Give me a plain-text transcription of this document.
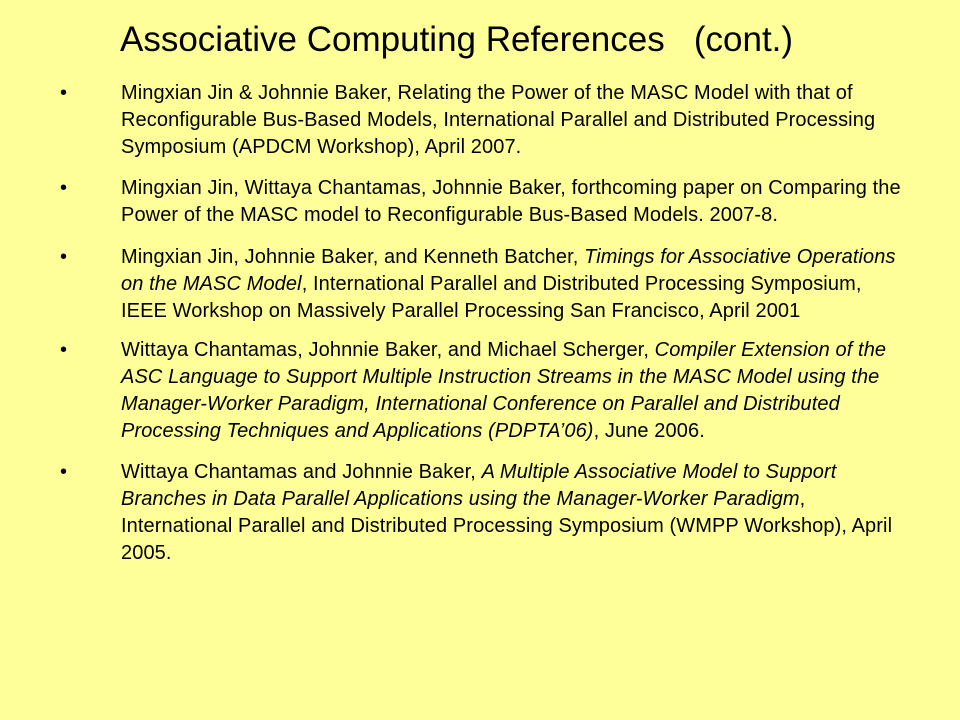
Associative Computing References   (cont.)
•	Mingxian Jin & Johnnie Baker, Relating the Power of the MASC Model with that of Reconfigurable Bus-Based Models, International Parallel and Distributed Processing Symposium (APDCM Workshop), April 2007.
•	Mingxian Jin, Wittaya Chantamas, Johnnie Baker, forthcoming paper on Comparing the Power of the MASC model to Reconfigurable Bus-Based Models. 2007-8.
•	Mingxian Jin, Johnnie Baker, and Kenneth Batcher, Timings for Associative Operations on the MASC Model, International Parallel and Distributed Processing Symposium, IEEE Workshop on Massively Parallel Processing San Francisco, April 2001
•	Wittaya Chantamas, Johnnie Baker, and Michael Scherger, Compiler Extension of the ASC Language to Support Multiple Instruction Streams in the MASC Model using the Manager-Worker Paradigm, International Conference on Parallel and Distributed Processing Techniques and Applications (PDPTA’06), June 2006.
•	Wittaya Chantamas and Johnnie Baker, A Multiple Associative Model to Support Branches in Data Parallel Applications using the Manager-Worker Paradigm, International Parallel and Distributed Processing Symposium (WMPP Workshop), April 2005.
